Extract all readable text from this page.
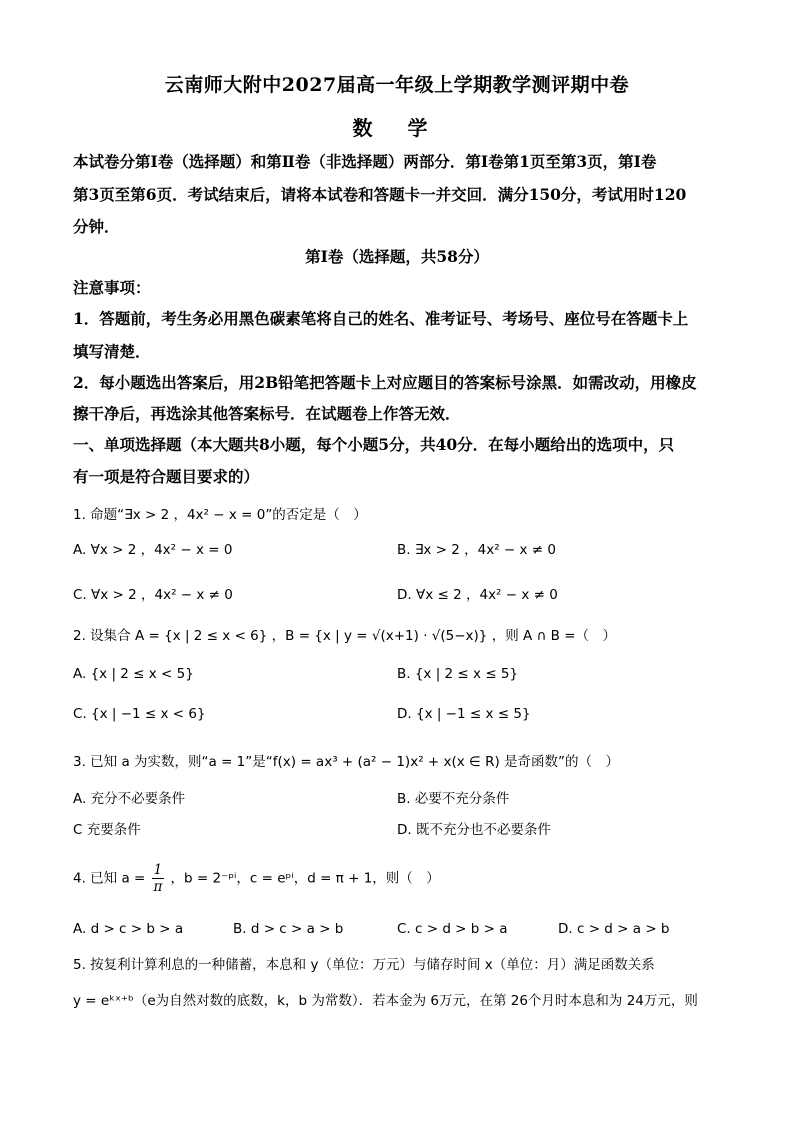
云南师大附中2027届高一年级上学期教学测评期中卷
数 学
本试卷分第Ⅰ卷（选择题）和第Ⅱ卷（非选择题）两部分．第Ⅰ卷第1页至第3页，第Ⅰ卷
第3页至第6页．考试结束后，请将本试卷和答题卡一并交回．满分150分，考试用时120
分钟．
第Ⅰ卷（选择题，共58分）
注意事项：
1．答题前，考生务必用黑色碳素笔将自己的姓名、准考证号、考场号、座位号在答题卡上
填写清楚．
2．每小题选出答案后，用2B铅笔把答题卡上对应题目的答案标号涂黑．如需改动，用橡皮
擦干净后，再选涂其他答案标号．在试题卷上作答无效．
一、单项选择题（本大题共8小题，每个小题5分，共40分．在每小题给出的选项中，只
有一项是符合题目要求的）
1. 命题“∃x > 2 ，4x² − x = 0”的否定是（　）
A. ∀x > 2 ，4x² − x = 0	B. ∃x > 2 ，4x² − x ≠ 0
C. ∀x > 2 ，4x² − x ≠ 0	D. ∀x ≤ 2 ，4x² − x ≠ 0
2. 设集合 A = {x | 2 ≤ x < 6} ，B = {x | y = √(x+1) · √(5−x)} ，则 A ∩ B =（　）
A. {x | 2 ≤ x < 5}	B. {x | 2 ≤ x ≤ 5}
C. {x | −1 ≤ x < 6}	D. {x | −1 ≤ x ≤ 5}
3. 已知 a 为实数，则“a = 1”是“f(x) = ax³ + (a² − 1)x² + x(x ∈ R) 是奇函数”的（　）
A. 充分不必要条件	B. 必要不充分条件
C 充要条件	D. 既不充分也不必要条件
4. 已知 $a = \frac{1}{\pi}$ ，b = 2⁻ᵖⁱ，c = eᵖⁱ，d = π + 1，则（　）
A. d > c > b > a	B. d > c > a > b	C. c > d > b > a	D. c > d > a > b
5. 按复利计算利息的一种储蓄，本息和 y（单位：万元）与储存时间 x（单位：月）满足函数关系
y = eᵏˣ⁺ᵇ（e为自然对数的底数，k，b 为常数）．若本金为 6万元，在第 26个月时本息和为 24万元，则
